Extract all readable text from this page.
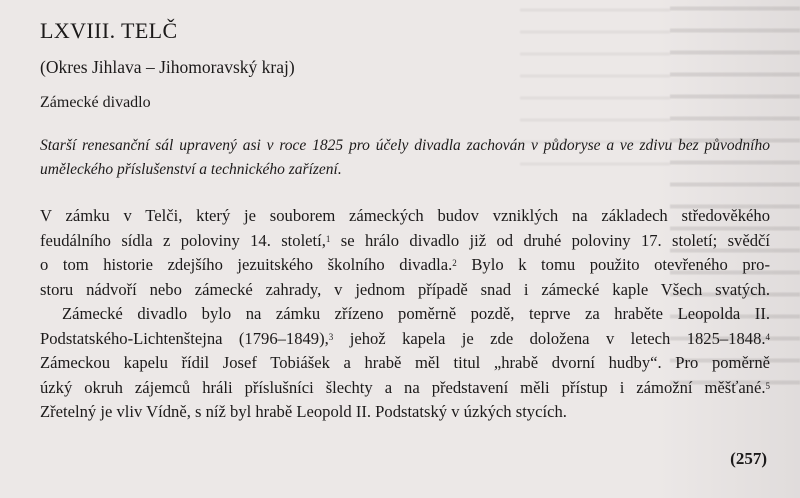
LXVIII. TELČ

(Okres Jihlava – Jihomoravský kraj)

Zámecké divadlo

Starší renesanční sál upravený asi v roce 1825 pro účely divadla zachován v půdoryse a ve zdivu bez původního uměleckého příslušenství a technického zařízení.

V zámku v Telči, který je souborem zámeckých budov vzniklých na základech středověkého
feudálního sídla z poloviny 14. století,$^1$ se hrálo divadlo již od druhé poloviny 17. století; svědčí
o tom historie zdejšího jezuitského školního divadla.$^2$ Bylo k tomu použito otevřeného pro-
storu nádvoří nebo zámecké zahrady, v jednom případě snad i zámecké kaple Všech svatých.
Zámecké divadlo bylo na zámku zřízeno poměrně pozdě, teprve za hraběte Leopolda II.
Podstatského-Lichtenštejna (1796–1849),$^3$ jehož kapela je zde doložena v letech 1825–1848.$^4$
Zámeckou kapelu řídil Josef Tobiášek a hrabě měl titul „hrabě dvorní hudby“. Pro poměrně
úzký okruh zájemců hráli příslušníci šlechty a na představení měli přístup i zámožní měšťané.$^5$
Zřetelný je vliv Vídně, s níž byl hrabě Leopold II. Podstatský v úzkých stycích.

(257)
